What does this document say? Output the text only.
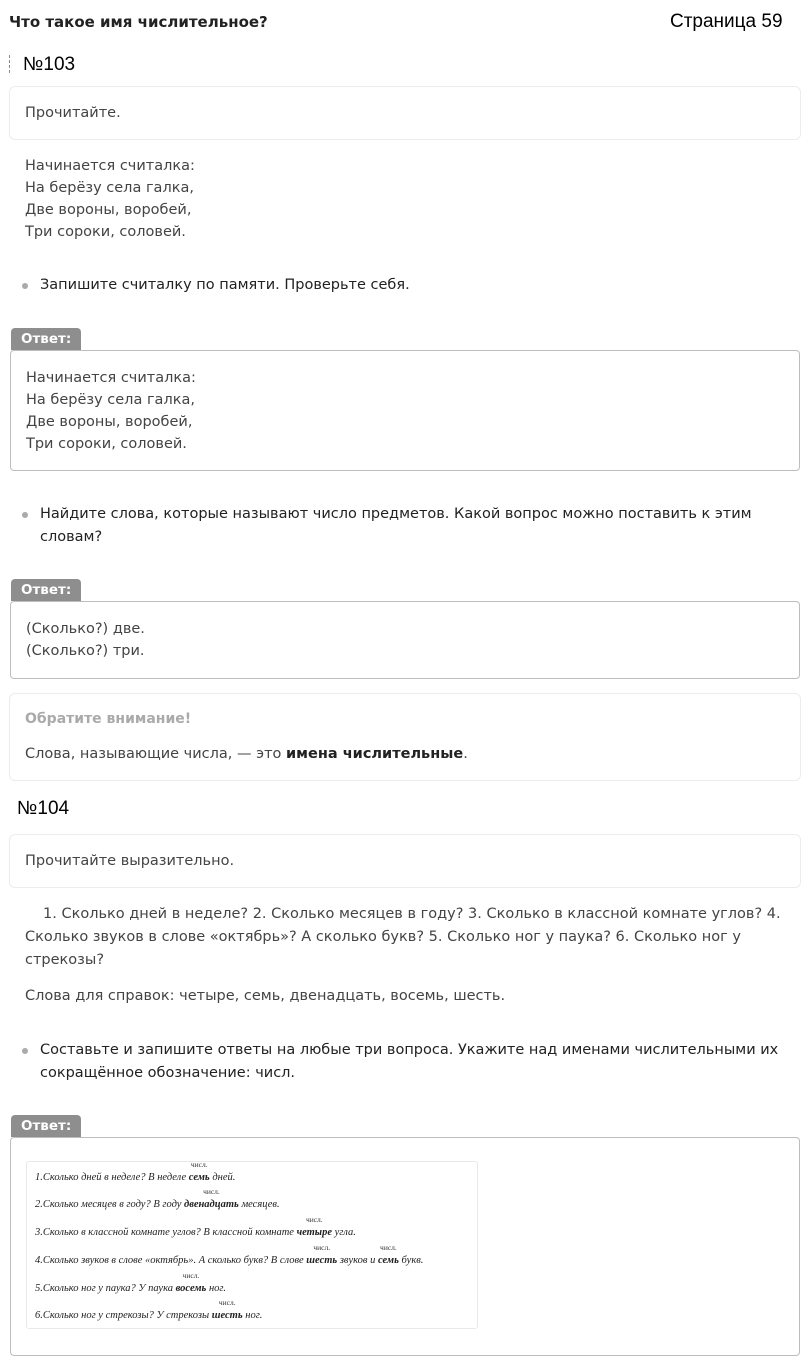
Что такое имя числительное?	Страница 59
№103
Прочитайте.
Начинается считалка:
На берёзу села галка,
Две вороны, воробей,
Три сороки, соловей.
Запишите считалку по памяти. Проверьте себя.
Ответ:
Начинается считалка:
На берёзу села галка,
Две вороны, воробей,
Три сороки, соловей.
Найдите слова, которые называют число предметов. Какой вопрос можно поставить к этим словам?
Ответ:
(Сколько?) две.
(Сколько?) три.
Обратите внимание!
Слова, называющие числа, — это имена числительные.
№104
Прочитайте выразительно.
1. Сколько дней в неделе? 2. Сколько месяцев в году? 3. Сколько в классной комнате углов? 4. Сколько звуков в слове «октябрь»? А сколько букв? 5. Сколько ног у паука? 6. Сколько ног у стрекозы?
Слова для справок: четыре, семь, двенадцать, восемь, шесть.
Составьте и запишите ответы на любые три вопроса. Укажите над именами числительными их сокращённое обозначение: числ.
Ответ:
1.Сколько дней в неделе? В неделе
числ.
семь дней.
2.Сколько месяцев в году? В году
числ.
двенадцать месяцев.
3.Сколько в классной комнате углов? В классной комнате
числ.
четыре угла.
4.Сколько звуков в слове «октябрь». А сколько букв? В слове
числ.
шесть звуков и
числ.
семь букв.
5.Сколько ног у паука? У паука
числ.
восемь ног.
6.Сколько ног у стрекозы? У стрекозы
числ.
шесть ног.
